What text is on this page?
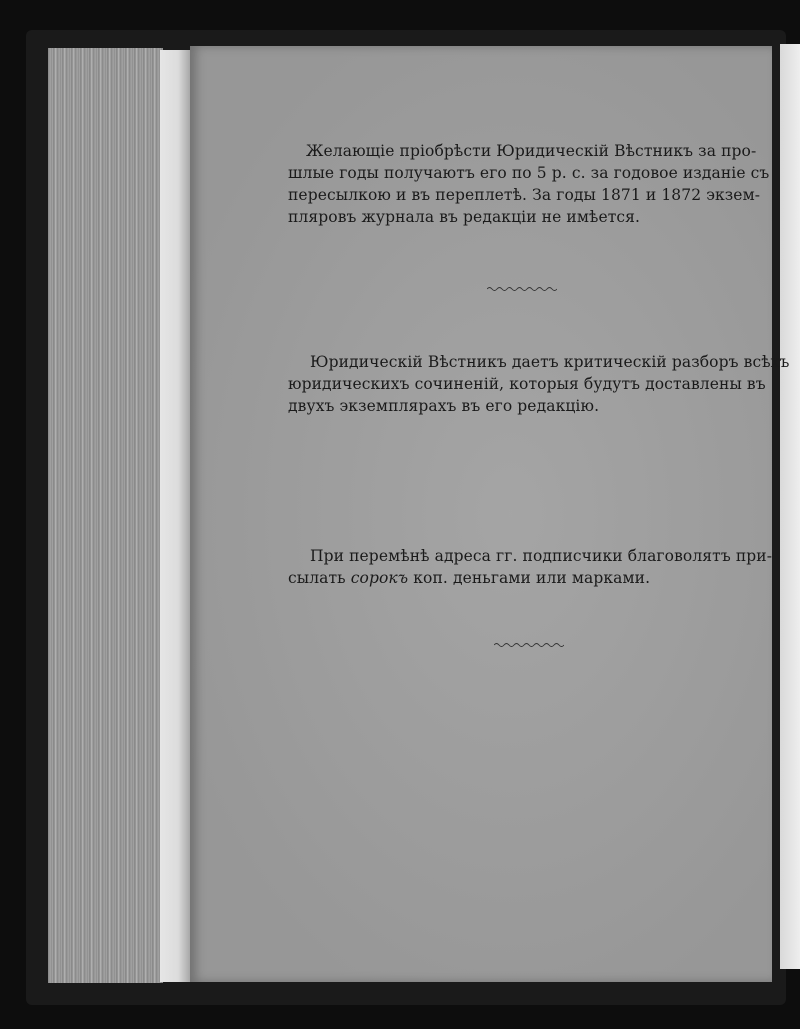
Желающіе пріобрѣсти Юридическій Вѣстникъ за про-
шлые годы получаютъ его по 5 р. с. за годовое изданіе съ
пересылкою и въ переплетѣ. За годы 1871 и 1872 экзем-
пляровъ журнала въ редакціи не имѣется.

Юридическій Вѣстникъ даетъ критическій разборъ всѣхъ
юридическихъ сочиненій, которыя будутъ доставлены въ
двухъ экземплярахъ въ его редакцію.

При перемѣнѣ адреса гг. подписчики благоволятъ при-
сылать сорокъ коп. деньгами или марками.
